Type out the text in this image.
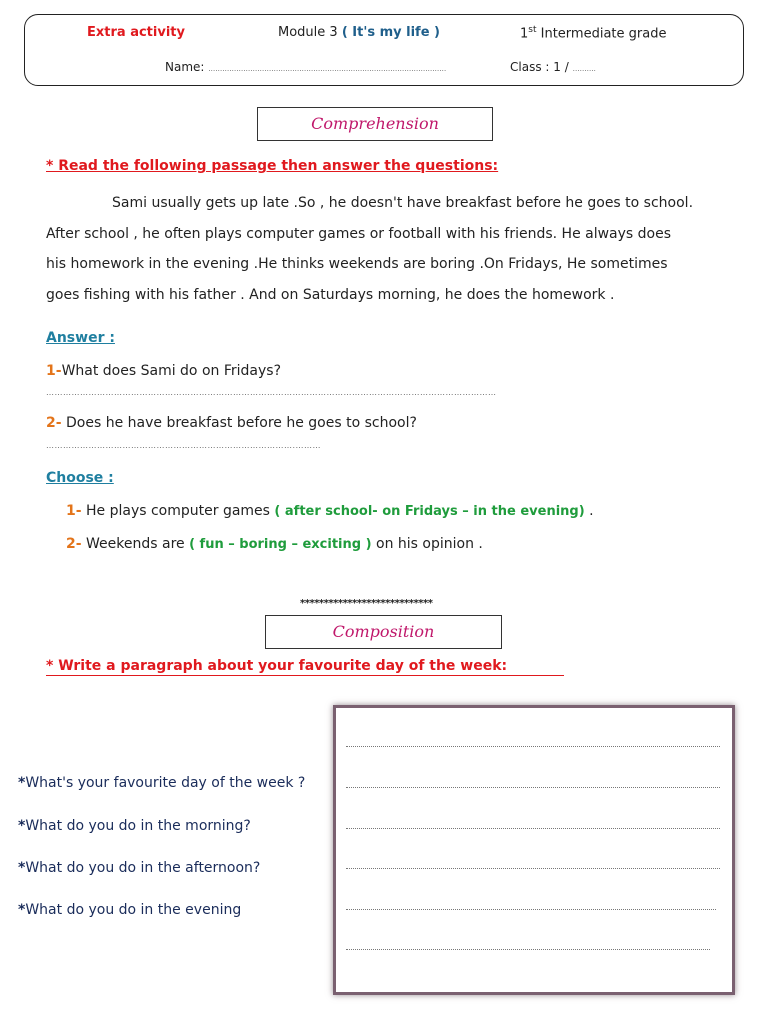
Extra activity	Module 3 ( It's my life )	1st Intermediate grade
Name: …………………………………………………………………………………………	Class : 1 / ……….
Comprehension
* Read the following passage then answer the questions:
Sami usually gets up late .So , he doesn't have breakfast before he goes to school.
After school , he often plays computer games or football with his friends. He always does
his homework in the evening .He thinks weekends are boring .On Fridays, He sometimes
goes fishing with his father . And on Saturdays morning, he does the homework .
Answer :
1-What does Sami do on Fridays?
……………………………………………………………………………………………………………………………………………
2- Does he have breakfast before he goes to school?
…………………………………………………………………………….………
Choose :
1- He plays computer games ( after school- on Fridays – in the evening) .
2- Weekends are ( fun – boring – exciting ) on his opinion .
****************************
Composition
* Write a paragraph about your favourite day of the week:
*What's your favourite day of the week ?
*What do you do in the morning?
*What do you do in the afternoon?
*What do you do in the evening
